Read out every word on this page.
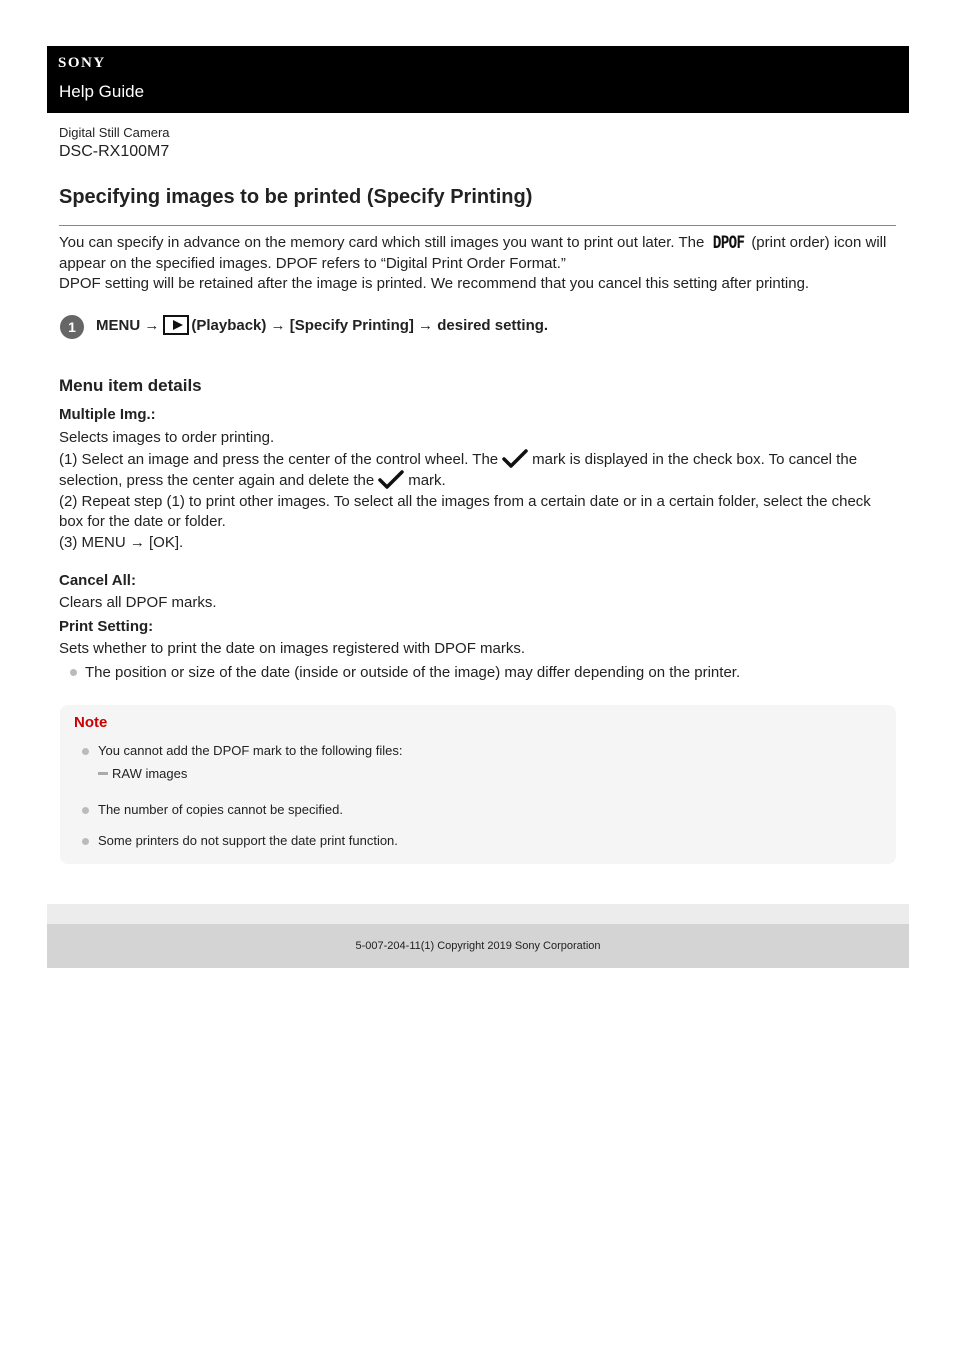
SONY
Help Guide
Digital Still Camera
DSC-RX100M7
Specifying images to be printed (Specify Printing)
You can specify in advance on the memory card which still images you want to print out later. The DPOF (print order) icon will appear on the specified images. DPOF refers to “Digital Print Order Format.”
DPOF setting will be retained after the image is printed. We recommend that you cancel this setting after printing.
1	MENU → (Playback) → [Specify Printing] → desired setting.
Menu item details
Multiple Img.:
Selects images to order printing.
(1) Select an image and press the center of the control wheel. The mark is displayed in the check box. To cancel the selection, press the center again and delete the mark.
(2) Repeat step (1) to print other images. To select all the images from a certain date or in a certain folder, select the check box for the date or folder.
(3) MENU → [OK].
Cancel All:
Clears all DPOF marks.
Print Setting:
Sets whether to print the date on images registered with DPOF marks.
The position or size of the date (inside or outside of the image) may differ depending on the printer.
Note
You cannot add the DPOF mark to the following files:
RAW images
The number of copies cannot be specified.
Some printers do not support the date print function.
5-007-204-11(1) Copyright 2019 Sony Corporation
